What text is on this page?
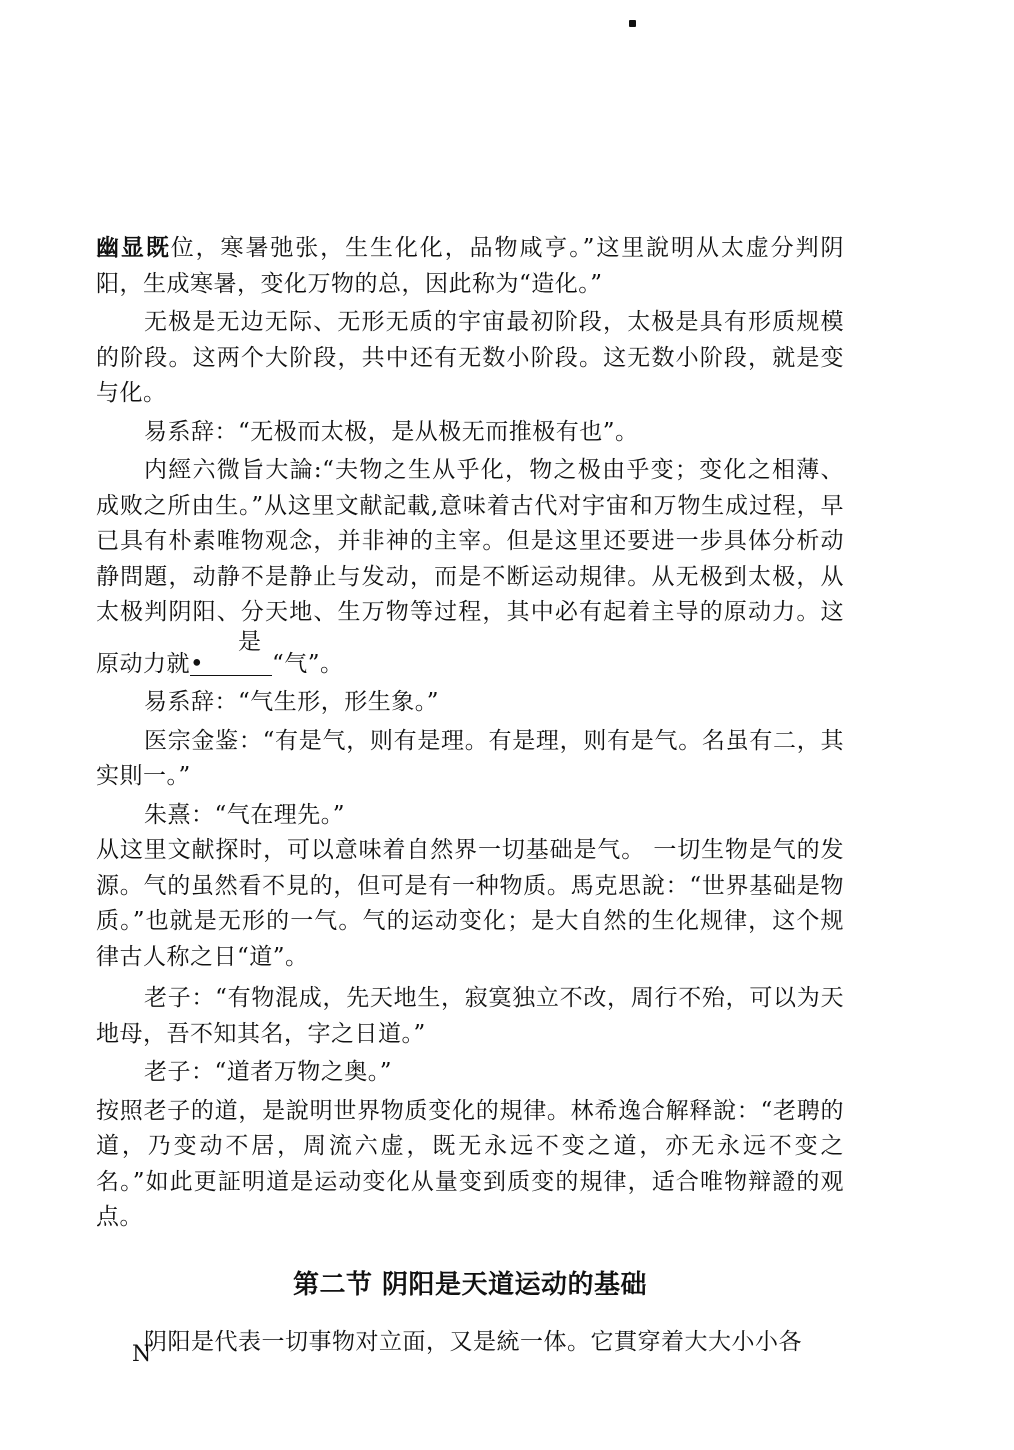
幽显既位，寒暑弛张，生生化化，品物咸亨。”这里說明从太虚分判阴阳，生成寒暑，变化万物的总，因此称为“造化。”

无极是无边无际、无形无质的宇宙最初阶段，太极是具有形质规模的阶段。这两个大阶段，共中还有无数小阶段。这无数小阶段，就是变与化。

易系辞：“无极而太极，是从极无而推极有也”。

内經六微旨大論:“夫物之生从乎化，物之极由乎变；变化之相薄、成败之所由生。”从这里文献記載,意味着古代对宇宙和万物生成过程，早已具有朴素唯物观念，并非神的主宰。但是这里还要进一步具体分析动静問題，动静不是静止与发动，而是不断运动規律。从无极到太极，从太极判阴阳、分天地、生万物等过程，其中必有起着主导的原动力。这原动力就是 •	“气”。

易系辞：“气生形，形生象。”

医宗金鉴：“有是气，则有是理。有是理，则有是气。名虽有二，其实則一。”

朱熹：“气在理先。”

从这里文献探时，可以意味着自然界一切基础是气。 一切生物是气的发源。气的虽然看不見的，但可是有一种物质。馬克思說：“世界基础是物质。”也就是无形的一气。气的运动变化；是大自然的生化规律，这个规律古人称之日“道”。

老子：“有物混成，先天地生，寂寞独立不改，周行不殆，可以为天地母，吾不知其名，字之日道。”

老子：“道者万物之奥。”

按照老子的道，是說明世界物质变化的規律。林希逸合解释說：“老聘的道，乃变动不居，周流六虚，既无永远不变之道，亦无永远不变之名。”如此更証明道是运动变化从量变到质变的規律，适合唯物辩證的观点。

第二节 阴阳是天道运动的基础

阴阳是代表一切事物对立面，又是統一体。它貫穿着大大小小各

N
